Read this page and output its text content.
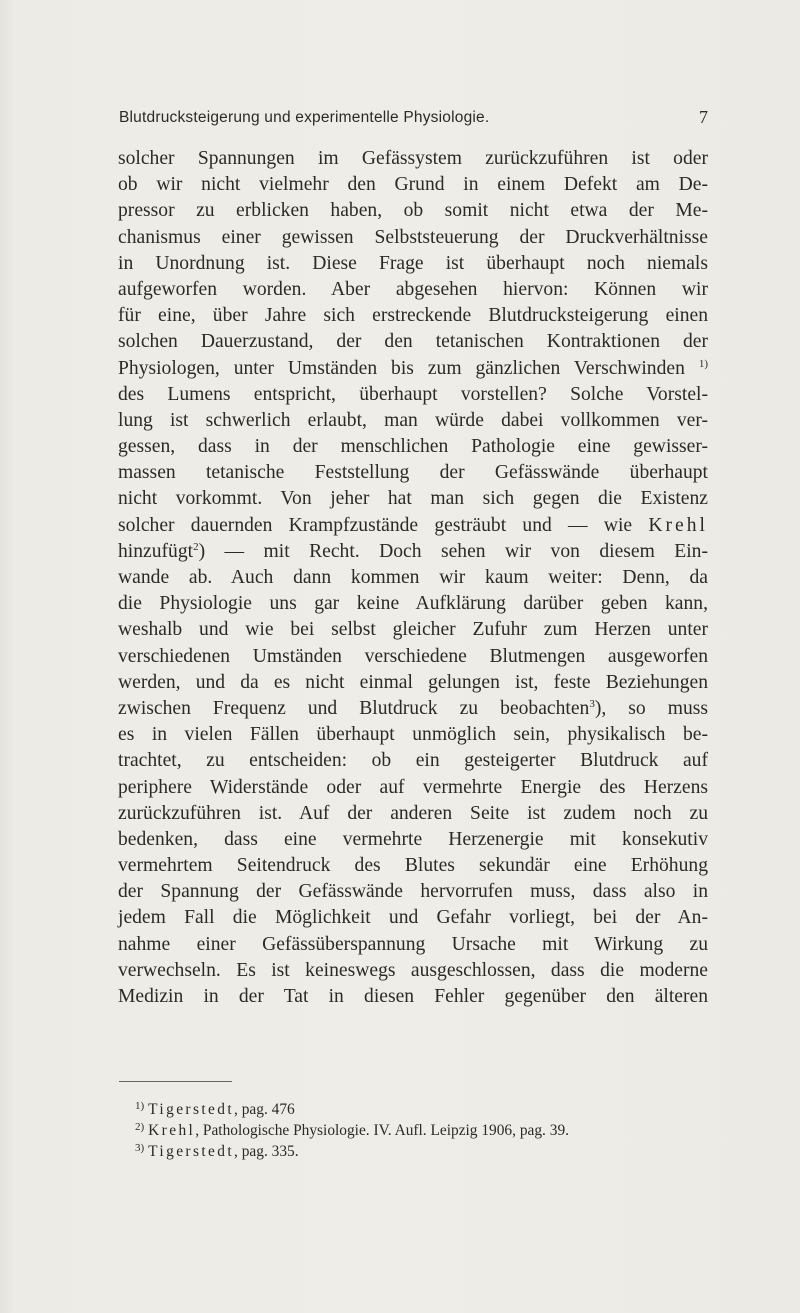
Blutdrucksteigerung und experimentelle Physiologie.	7
solcher Spannungen im Gefässystem zurückzuführen ist oder
ob wir nicht vielmehr den Grund in einem Defekt am De-
pressor zu erblicken haben, ob somit nicht etwa der Me-
chanismus einer gewissen Selbststeuerung der Druckverhältnisse
in Unordnung ist. Diese Frage ist überhaupt noch niemals
aufgeworfen worden. Aber abgesehen hiervon: Können wir
für eine, über Jahre sich erstreckende Blutdrucksteigerung einen
solchen Dauerzustand, der den tetanischen Kontraktionen der
Physiologen, unter Umständen bis zum gänzlichen Verschwinden $^{1)}$
des Lumens entspricht, überhaupt vorstellen? Solche Vorstel-
lung ist schwerlich erlaubt, man würde dabei vollkommen ver-
gessen, dass in der menschlichen Pathologie eine gewisser-
massen tetanische Feststellung der Gefässwände überhaupt
nicht vorkommt. Von jeher hat man sich gegen die Existenz
solcher dauernden Krampfzustände gesträubt und — wie Krehl
hinzufügt$^2$) — mit Recht. Doch sehen wir von diesem Ein-
wande ab. Auch dann kommen wir kaum weiter: Denn, da
die Physiologie uns gar keine Aufklärung darüber geben kann,
weshalb und wie bei selbst gleicher Zufuhr zum Herzen unter
verschiedenen Umständen verschiedene Blutmengen ausgeworfen
werden, und da es nicht einmal gelungen ist, feste Beziehungen
zwischen Frequenz und Blutdruck zu beobachten$^3$), so muss
es in vielen Fällen überhaupt unmöglich sein, physikalisch be-
trachtet, zu entscheiden: ob ein gesteigerter Blutdruck auf
periphere Widerstände oder auf vermehrte Energie des Herzens
zurückzuführen ist. Auf der anderen Seite ist zudem noch zu
bedenken, dass eine vermehrte Herzenergie mit konsekutiv
vermehrtem Seitendruck des Blutes sekundär eine Erhöhung
der Spannung der Gefässwände hervorrufen muss, dass also in
jedem Fall die Möglichkeit und Gefahr vorliegt, bei der An-
nahme einer Gefässüberspannung Ursache mit Wirkung zu
verwechseln. Es ist keineswegs ausgeschlossen, dass die moderne
Medizin in der Tat in diesen Fehler gegenüber den älteren
$^{1)}$ Tigerstedt, pag. 476
$^{2)}$ Krehl, Pathologische Physiologie. IV. Aufl. Leipzig 1906, pag. 39.
$^{3)}$ Tigerstedt, pag. 335.
